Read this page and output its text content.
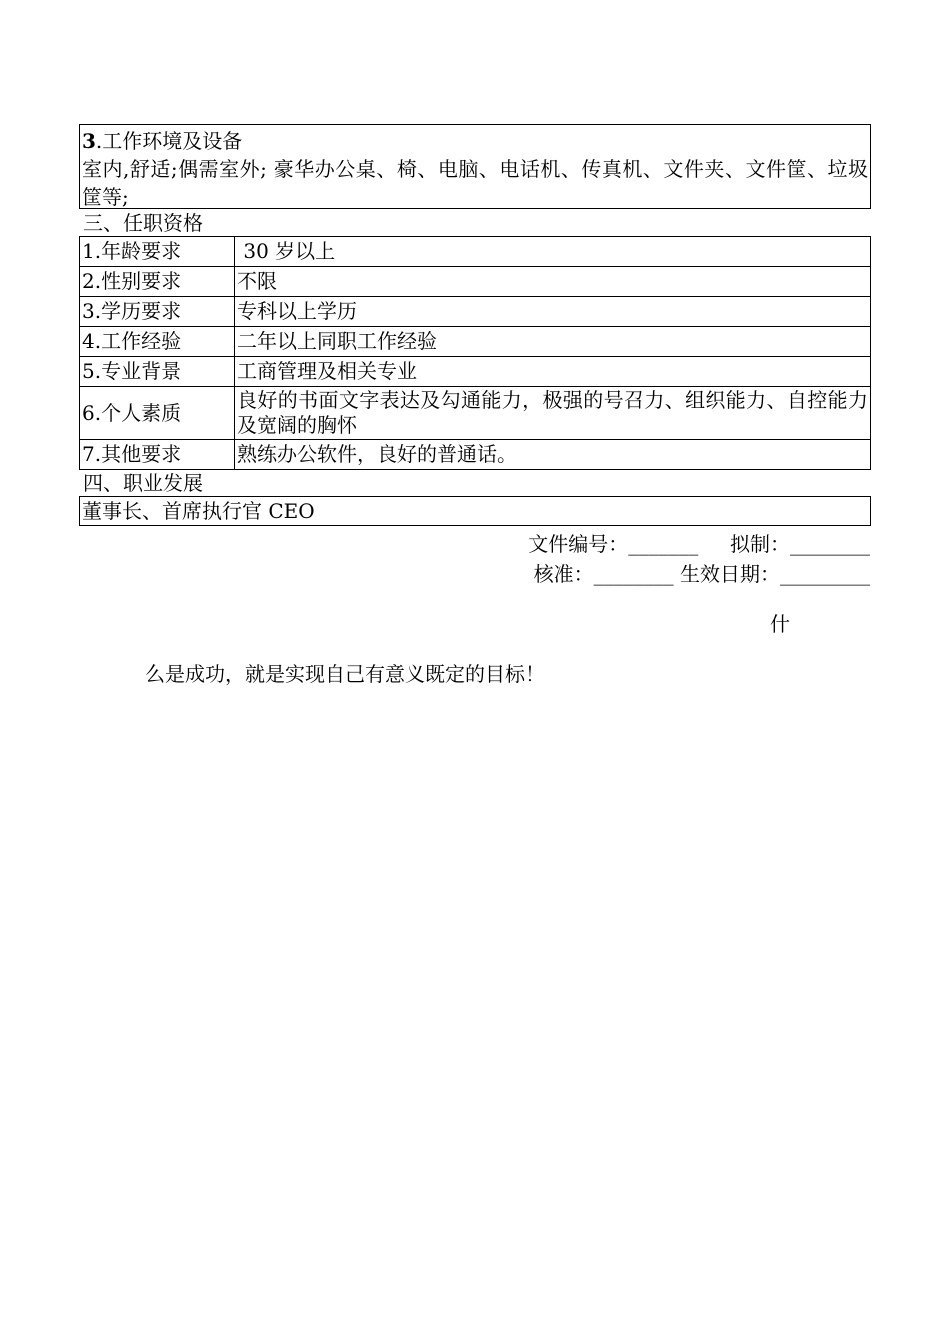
3.工作环境及设备
室内,舒适;偶需室外; 豪华办公桌、椅、电脑、电话机、传真机、文件夹、文件筐、垃圾筐等;
三、任职资格
1.年龄要求	30 岁以上
2.性别要求	不限
3.学历要求	专科以上学历
4.工作经验	二年以上同职工作经验
5.专业背景	工商管理及相关专业
6.个人素质	良好的书面文字表达及勾通能力，极强的号召力、组织能力、自控能力及宽阔的胸怀
7.其他要求	熟练办公软件，良好的普通话。
四、职业发展
董事长、首席执行官 CEO
文件编号：_______     拟制：________
核准：________ 生效日期：_________
什
么是成功，就是实现自己有意义既定的目标！
